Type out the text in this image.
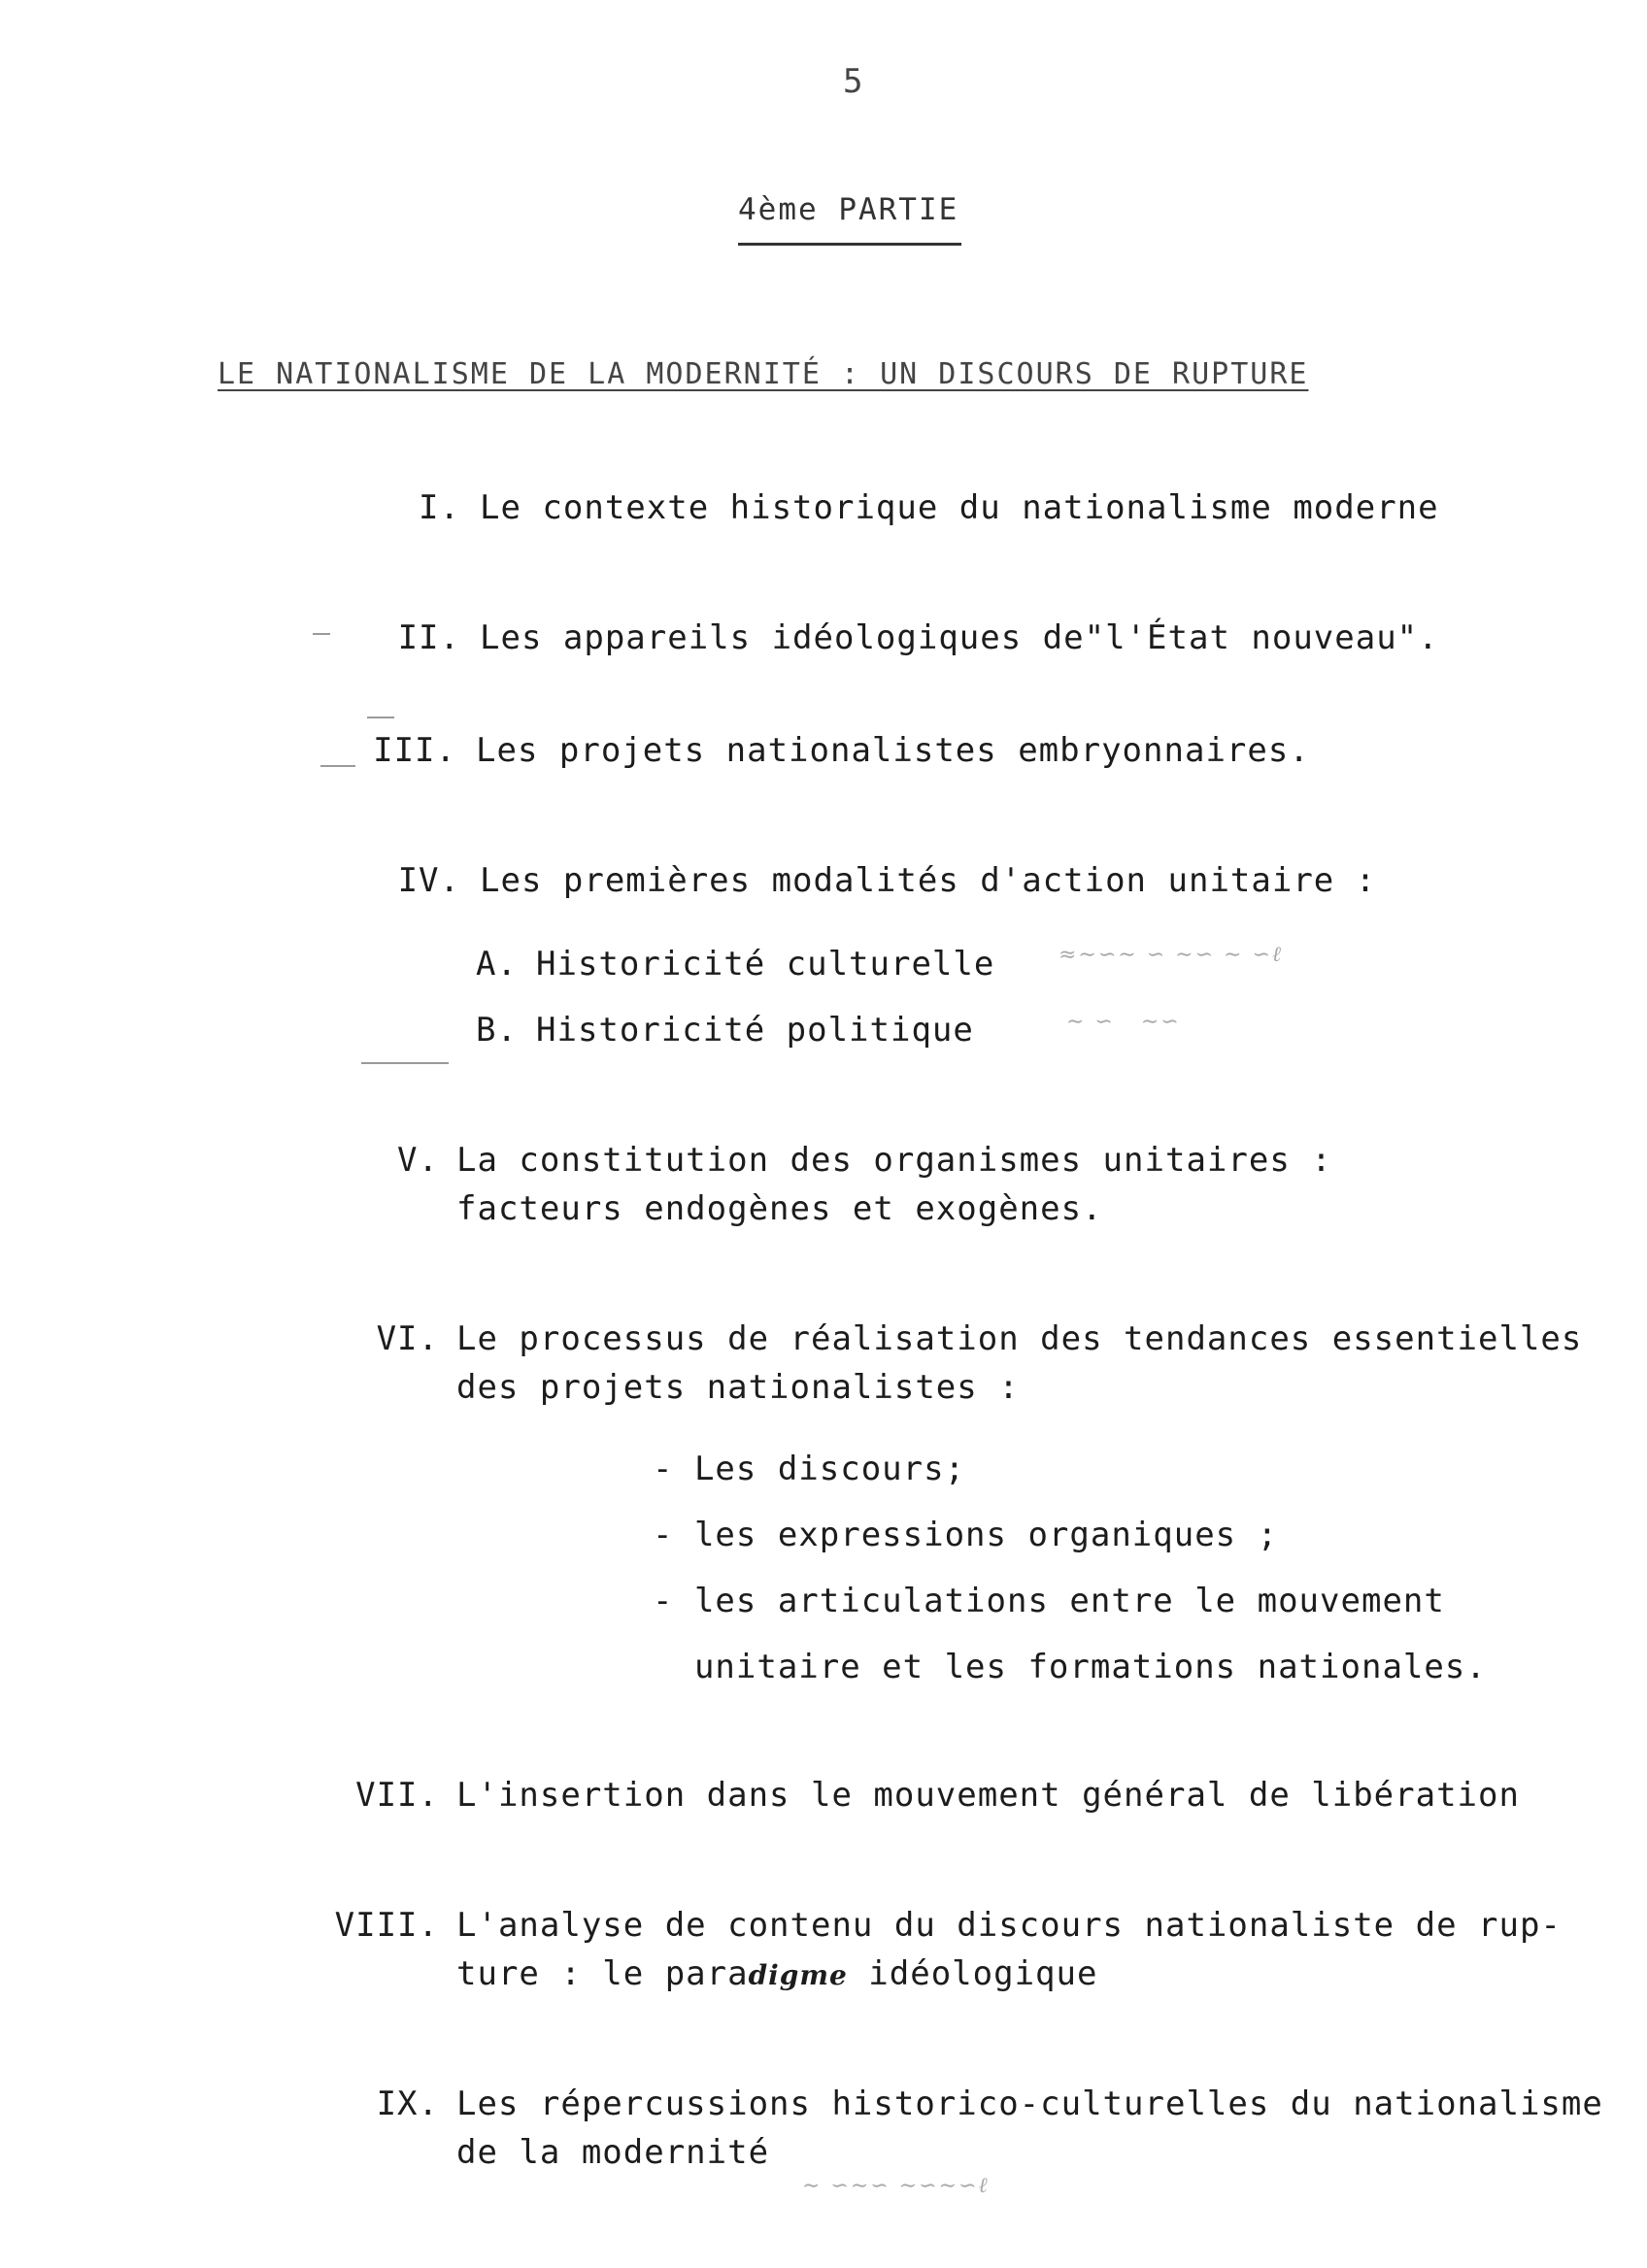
5
4ème PARTIE
LE NATIONALISME DE LA MODERNITÉ : UN DISCOURS DE RUPTURE
I. Le contexte historique du nationalisme moderne
II. Les appareils idéologiques de"l'État nouveau".
III. Les projets nationalistes embryonnaires.
IV. Les premières modalités d'action unitaire :
A. Historicité culturelle	≈∼∽∼ ∽ ∼∽ ∼ ∽ℓ
B. Historicité politique	∼ ∽   ∼∽
V. La constitution des organismes unitaires :
facteurs endogènes et exogènes.
VI. Le processus de réalisation des tendances essentielles
des projets nationalistes :
- Les discours;
- les expressions organiques ;
- les articulations entre le mouvement
unitaire et les formations nationales.
VII. L'insertion dans le mouvement général de libération
VIII. L'analyse de contenu du discours nationaliste de rup-
ture : le paradigme idéologique
IX. Les répercussions historico-culturelles du nationalisme
de la modernité
∼ ∽∼∽ ∼∽∼∽ℓ
